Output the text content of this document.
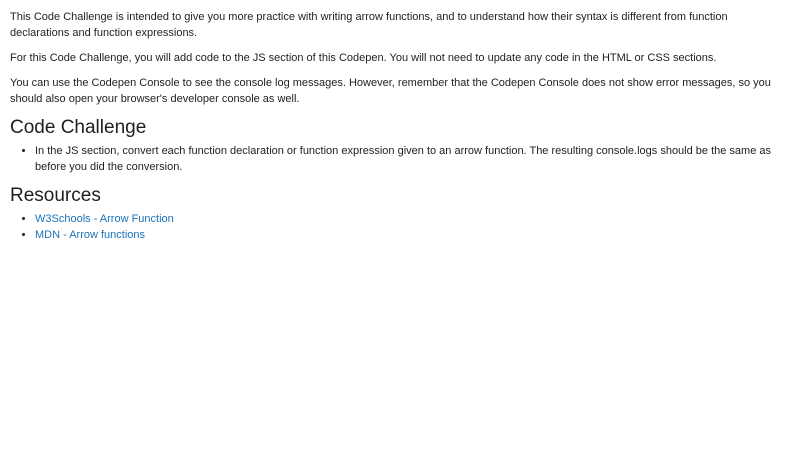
This Code Challenge is intended to give you more practice with writing arrow functions, and to understand how their syntax is different from function declarations and function expressions.

For this Code Challenge, you will add code to the JS section of this Codepen. You will not need to update any code in the HTML or CSS sections.

You can use the Codepen Console to see the console log messages. However, remember that the Codepen Console does not show error messages, so you should also open your browser's developer console as well.

Code Challenge
• In the JS section, convert each function declaration or function expression given to an arrow function. The resulting console.logs should be the same as before you did the conversion.
Resources
• W3Schools - Arrow Function
• MDN - Arrow functions
